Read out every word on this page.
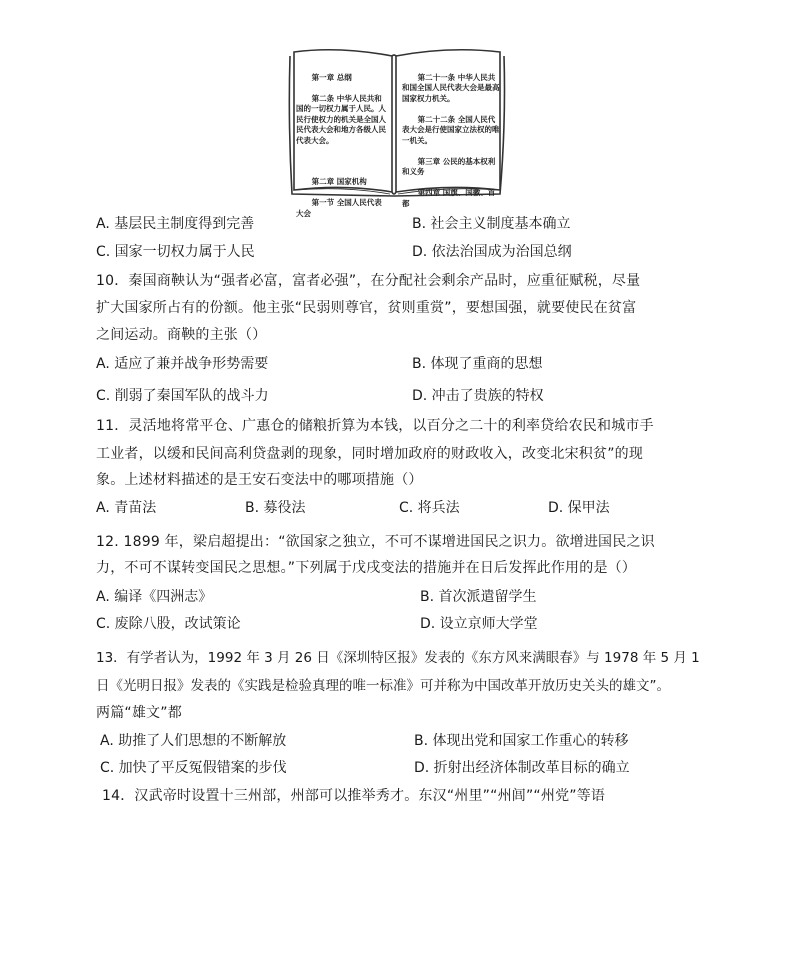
第一章 总纲

第二条 中华人民共和国的一切权力属于人民。人民行使权力的机关是全国人民代表大会和地方各级人民代表大会。

第二章 国家机构

第一节 全国人民代表大会

第二十一条 中华人民共和国全国人民代表大会是最高国家权力机关。

第二十二条 全国人民代表大会是行使国家立法权的唯一机关。

第三章 公民的基本权利和义务

第四章 国旗、国徽、首都

A. 基层民主制度得到完善	B. 社会主义制度基本确立
C. 国家一切权力属于人民	D. 依法治国成为治国总纲
10．秦国商鞅认为“强者必富，富者必强”，在分配社会剩余产品时，应重征赋税，尽量
扩大国家所占有的份额。他主张“民弱则尊官，贫则重赏”，要想国强，就要使民在贫富
之间运动。商鞅的主张（）
A. 适应了兼并战争形势需要	B. 体现了重商的思想
C. 削弱了秦国军队的战斗力	D. 冲击了贵族的特权
11．灵活地将常平仓、广惠仓的储粮折算为本钱，以百分之二十的利率贷给农民和城市手
工业者，以缓和民间高利贷盘剥的现象，同时增加政府的财政收入，改变北宋积贫”的现
象。上述材料描述的是王安石变法中的哪项措施（）
A. 青苗法	B. 募役法	C. 将兵法	D. 保甲法
12. 1899 年，梁启超提出：“欲国家之独立，不可不谋增进国民之识力。欲增进国民之识
力，不可不谋转变国民之思想。”下列属于戊戌变法的措施并在日后发挥此作用的是（）
A. 编译《四洲志》	B. 首次派遣留学生
C. 废除八股，改试策论	D. 设立京师大学堂
13．有学者认为，1992 年 3 月 26 日《深圳特区报》发表的《东方风来满眼春》与 1978 年 5 月 1
日《光明日报》发表的《实践是检验真理的唯一标准》可并称为中国改革开放历史关头的雄文”。
两篇“雄文”都
A. 助推了人们思想的不断解放	B. 体现出党和国家工作重心的转移
C. 加快了平反冤假错案的步伐	D. 折射出经济体制改革目标的确立
14．汉武帝时设置十三州部，州部可以推举秀才。东汉“州里”“州闾”“州党”等语
